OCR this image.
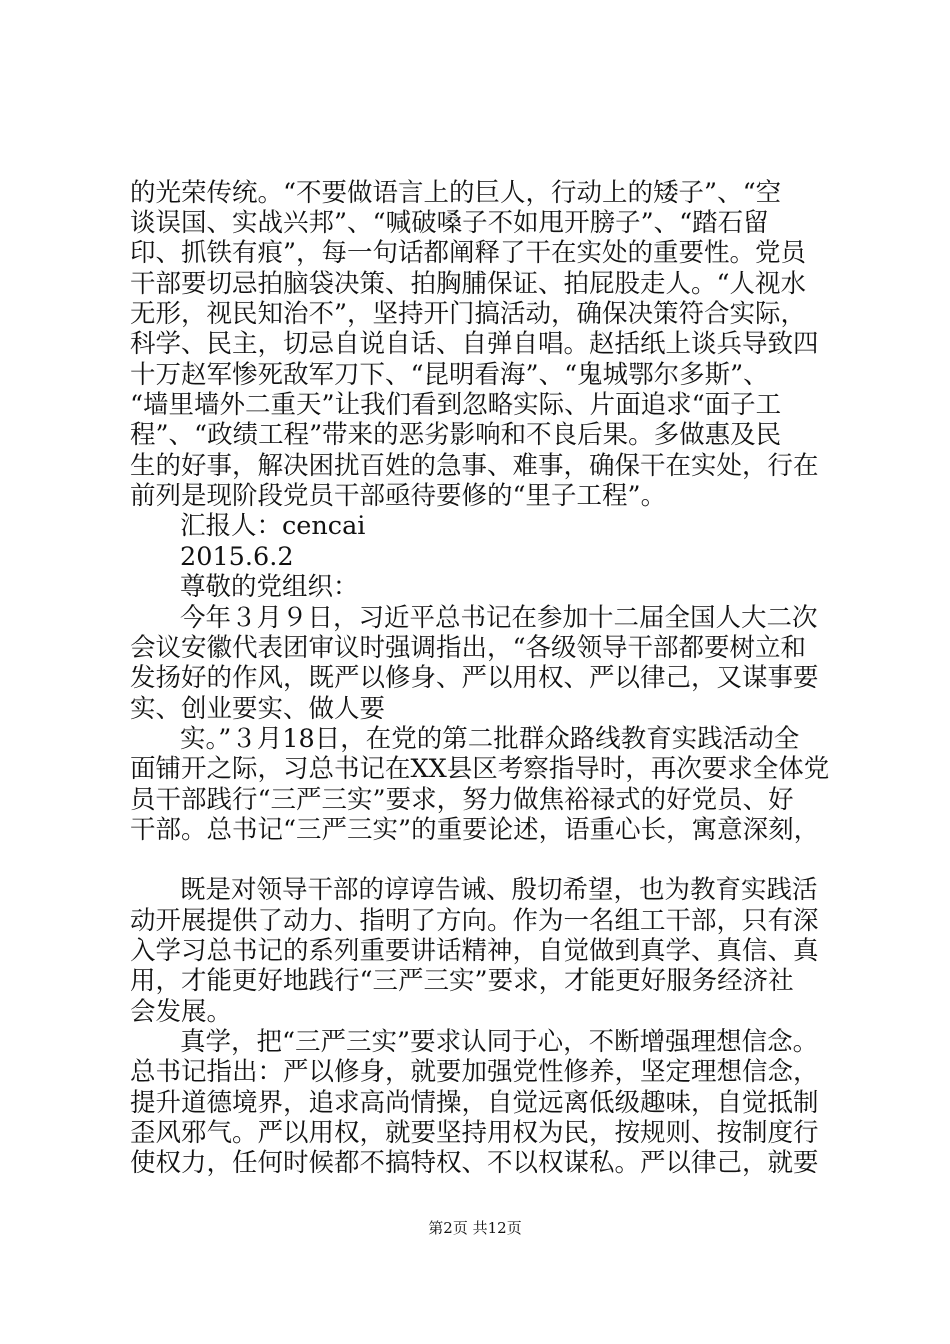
的光荣传统。“不要做语言上的巨人，行动上的矮子”、“空
谈误国、实战兴邦”、“喊破嗓子不如甩开膀子”、“踏石留
印、抓铁有痕”，每一句话都阐释了干在实处的重要性。党员
干部要切忌拍脑袋决策、拍胸脯保证、拍屁股走人。“人视水
无形，视民知治不”，坚持开门搞活动，确保决策符合实际，
科学、民主，切忌自说自话、自弹自唱。赵括纸上谈兵导致四
十万赵军惨死敌军刀下、“昆明看海”、“鬼城鄂尔多斯”、
“墙里墙外二重天”让我们看到忽略实际、片面追求“面子工
程”、“政绩工程”带来的恶劣影响和不良后果。多做惠及民
生的好事，解决困扰百姓的急事、难事，确保干在实处，行在
前列是现阶段党员干部亟待要修的“里子工程”。
汇报人：cencai
2015.6.2
尊敬的党组织：
今年３月９日，习近平总书记在参加十二届全国人大二次
会议安徽代表团审议时强调指出，“各级领导干部都要树立和
发扬好的作风，既严以修身、严以用权、严以律己，又谋事要
实、创业要实、做人要
实。”３月18日，在党的第二批群众路线教育实践活动全
面铺开之际，习总书记在XX县区考察指导时，再次要求全体党
员干部践行“三严三实”要求，努力做焦裕禄式的好党员、好
干部。总书记“三严三实”的重要论述，语重心长，寓意深刻，
既是对领导干部的谆谆告诫、殷切希望，也为教育实践活
动开展提供了动力、指明了方向。作为一名组工干部，只有深
入学习总书记的系列重要讲话精神，自觉做到真学、真信、真
用，才能更好地践行“三严三实”要求，才能更好服务经济社
会发展。
真学，把“三严三实”要求认同于心，不断增强理想信念。
总书记指出：严以修身，就要加强党性修养，坚定理想信念，
提升道德境界，追求高尚情操，自觉远离低级趣味，自觉抵制
歪风邪气。严以用权，就要坚持用权为民，按规则、按制度行
使权力，任何时候都不搞特权、不以权谋私。严以律己，就要
第2页 共12页
